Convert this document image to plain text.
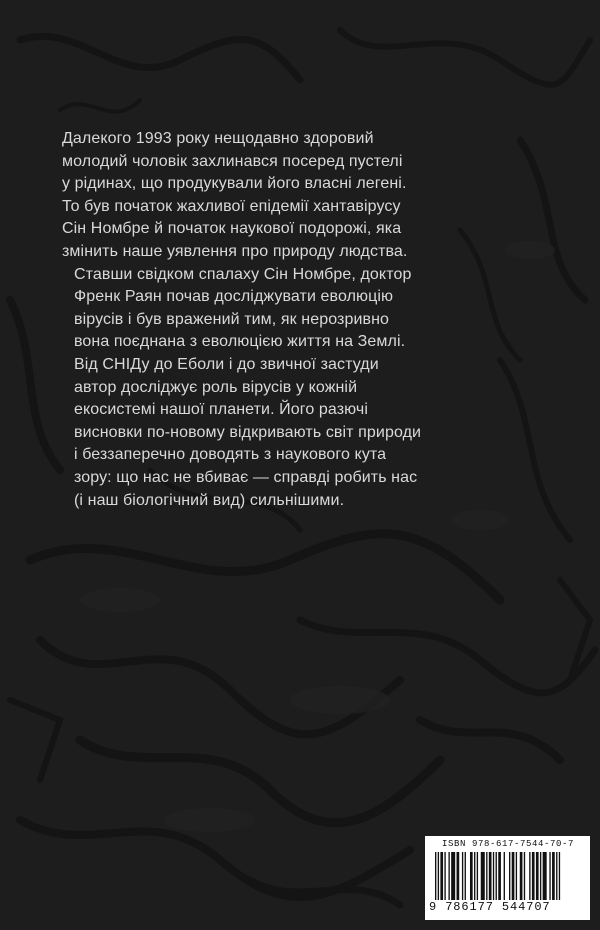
Далекого 1993 року нещодавно здоровий
молодий чоловік захлинався посеред пустелі
у рідинах, що продукували його власні легені.
То був початок жахливої епідемії хантавірусу
Сін Номбре й початок наукової подорожі, яка
змінить наше уявлення про природу людства.

Ставши свідком спалаху Сін Номбре, доктор
Френк Раян почав досліджувати еволюцію
вірусів і був вражений тим, як нерозривно
вона поєднана з еволюцією життя на Землі.
Від СНІДу до Еболи і до звичної застуди
автор досліджує роль вірусів у кожній
екосистемі нашої планети. Його разючі
висновки по-новому відкривають світ природи
і беззаперечно доводять з наукового кута
зору: що нас не вбиває — справді робить нас
(і наш біологічний вид) сильнішими.

ISBN 978-617-7544-70-7
9 786177 544707
